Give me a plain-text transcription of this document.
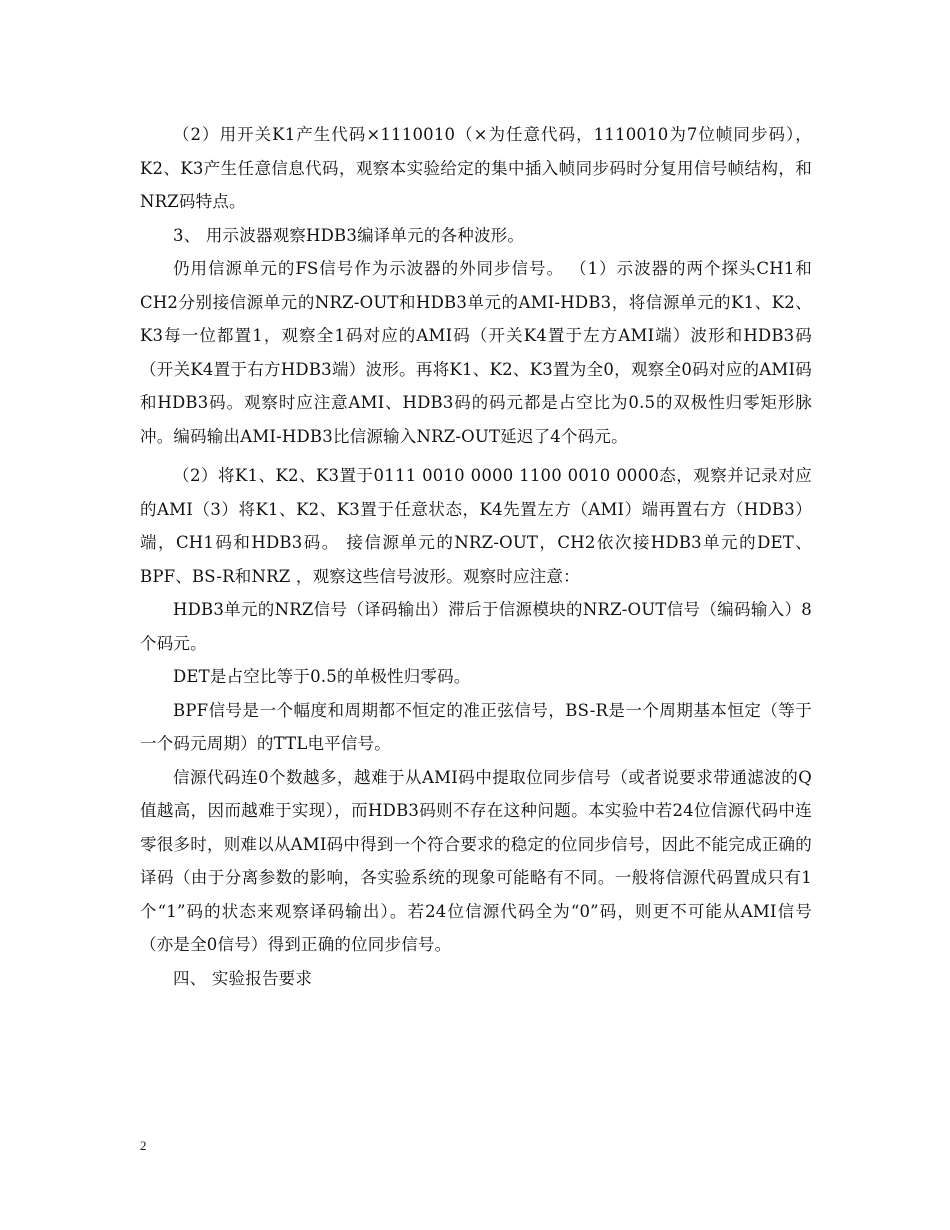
（2）用开关K1产生代码×1110010（×为任意代码，1110010为7位帧同步码），K2、K3产生任意信息代码，观察本实验给定的集中插入帧同步码时分复用信号帧结构，和NRZ码特点。

3、 用示波器观察HDB3编译单元的各种波形。

仍用信源单元的FS信号作为示波器的外同步信号。 （1）示波器的两个探头CH1和CH2分别接信源单元的NRZ-OUT和HDB3单元的AMI-HDB3，将信源单元的K1、K2、K3每一位都置1，观察全1码对应的AMI码（开关K4置于左方AMI端）波形和HDB3码（开关K4置于右方HDB3端）波形。再将K1、K2、K3置为全0，观察全0码对应的AMI码和HDB3码。观察时应注意AMI、HDB3码的码元都是占空比为0.5的双极性归零矩形脉冲。编码输出AMI-HDB3比信源输入NRZ-OUT延迟了4个码元。

（2）将K1、K2、K3置于0111 0010 0000 1100 0010 0000态，观察并记录对应的AMI（3）将K1、K2、K3置于任意状态，K4先置左方（AMI）端再置右方（HDB3）端，CH1码和HDB3码。 接信源单元的NRZ-OUT，CH2依次接HDB3单元的DET、BPF、BS-R和NRZ ，观察这些信号波形。观察时应注意：

HDB3单元的NRZ信号（译码输出）滞后于信源模块的NRZ-OUT信号（编码输入）8个码元。

DET是占空比等于0.5的单极性归零码。

BPF信号是一个幅度和周期都不恒定的准正弦信号，BS-R是一个周期基本恒定（等于一个码元周期）的TTL电平信号。

信源代码连0个数越多，越难于从AMI码中提取位同步信号（或者说要求带通滤波的Q值越高，因而越难于实现），而HDB3码则不存在这种问题。本实验中若24位信源代码中连零很多时，则难以从AMI码中得到一个符合要求的稳定的位同步信号，因此不能完成正确的译码（由于分离参数的影响，各实验系统的现象可能略有不同。一般将信源代码置成只有1个“1”码的状态来观察译码输出）。若24位信源代码全为“0”码，则更不可能从AMI信号（亦是全0信号）得到正确的位同步信号。

四、 实验报告要求

2
